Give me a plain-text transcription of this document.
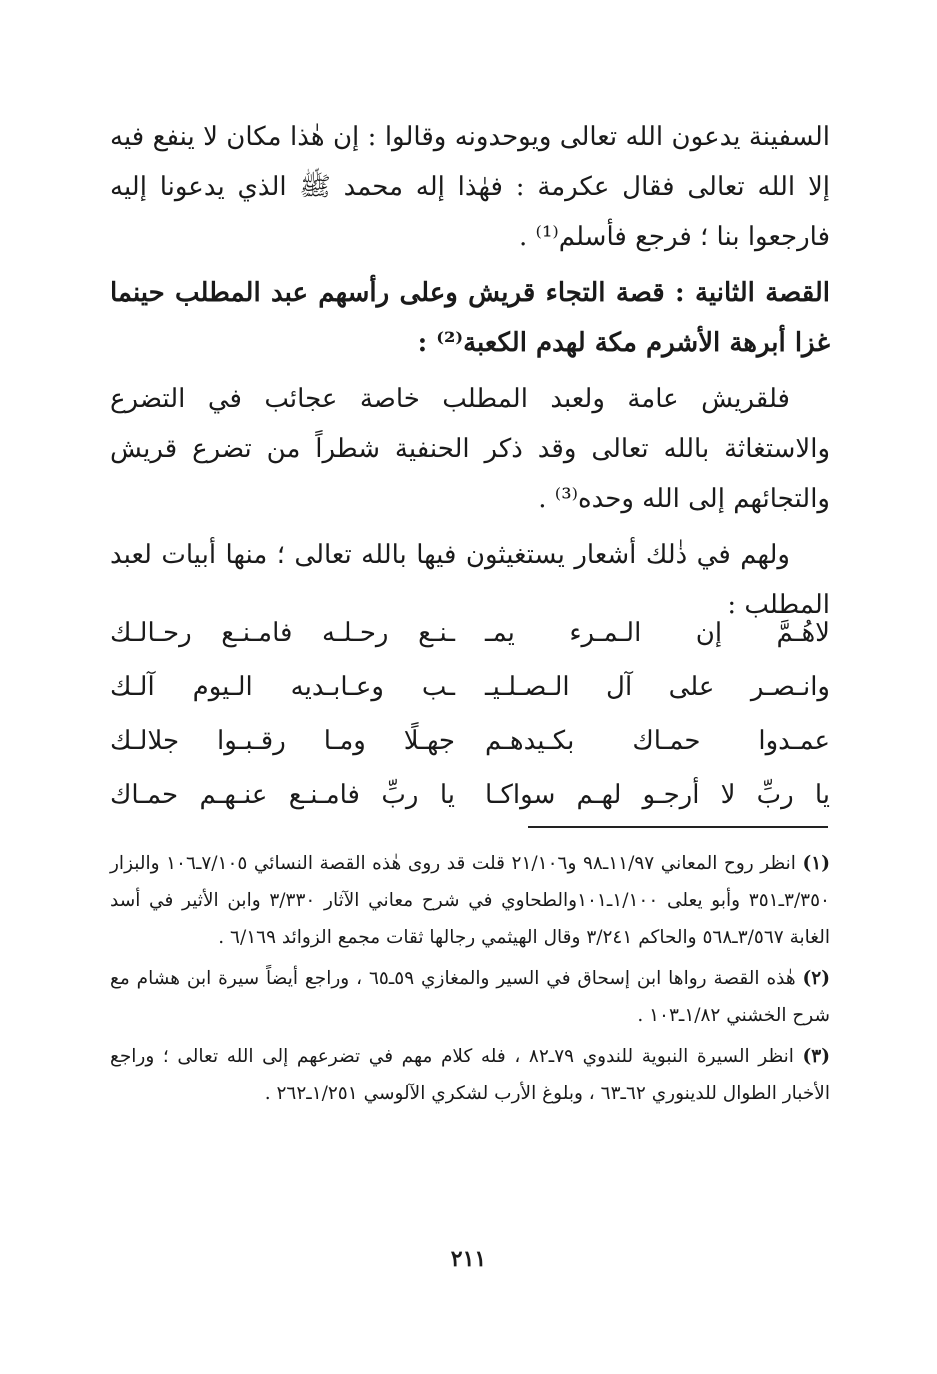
السفينة يدعون الله تعالى ويوحدونه وقالوا : إن هٰذا مكان لا ينفع فيه إلا الله تعالى فقال عكرمة : فهٰذا إله محمد ﷺ الذي يدعونا إليه فارجعوا بنا ؛ فرجع فأسلم⁽¹⁾ .

القصة الثانية : قصة التجاء قريش وعلى رأسهم عبد المطلب حينما غزا أبرهة الأشرم مكة لهدم الكعبة⁽²⁾ :

فلقريش عامة ولعبد المطلب خاصة عجائب في التضرع والاستغاثة بالله تعالى وقد ذكر الحنفية شطراً من تضرع قريش والتجائهم إلى الله وحده⁽³⁾ .

ولهم في ذٰلك أشعار يستغيثون فيها بالله تعالى ؛ منها أبيات لعبد المطلب :

لاهُـمَّ إن الـمـرء يمـ
ـنـع رحـلـه فامـنـع رحـالـك
وانـصـر على آل الـصـلـيـ
ـب وعـابـديه الـيوم آلـك
عمـدوا حمـاك بكـيدهـم
جهـلًا ومـا رقـبـوا جلالـك
يا ربِّ لا أرجـو لهـم سواكـا
يا ربِّ فامـنـع عنـهـم حمـاك

(١) انظر روح المعاني ١١/٩٧ـ٩٨ و٢١/١٠٦ قلت قد روى هٰذه القصة النسائي ٧/١٠٥ـ١٠٦ والبزار ٣/٣٥٠ـ٣٥١ وأبو يعلى ١/١٠٠ـ١٠١والطحاوي في شرح معاني الآثار ٣/٣٣٠ وابن الأثير في أسد الغابة ٣/٥٦٧ـ٥٦٨ والحاكم ٣/٢٤١ وقال الهيثمي رجالها ثقات مجمع الزوائد ٦/١٦٩ .

(٢) هٰذه القصة رواها ابن إسحاق في السير والمغازي ٥٩ـ٦٥ ، وراجع أيضاً سيرة ابن هشام مع شرح الخشني ١/٨٢ـ١٠٣ .

(٣) انظر السيرة النبوية للندوي ٧٩ـ٨٢ ، فله كلام مهم في تضرعهم إلى الله تعالى ؛ وراجع الأخبار الطوال للدينوري ٦٢ـ٦٣ ، وبلوغ الأرب لشكري الآلوسي ١/٢٥١ـ٢٦٢ .

٢١١
